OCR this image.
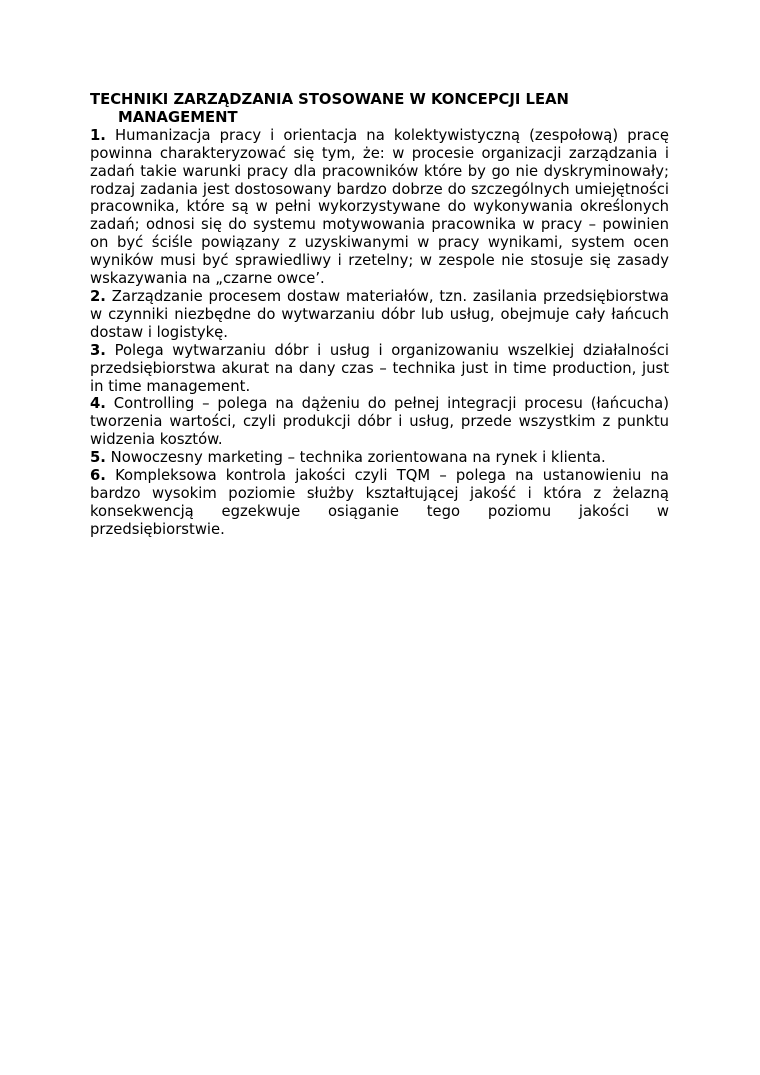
TECHNIKI ZARZĄDZANIA STOSOWANE W KONCEPCJI LEAN MANAGEMENT

1. Humanizacja pracy i orientacja na kolektywistyczną (zespołową) pracę powinna charakteryzować się tym, że: w procesie organizacji zarządzania i zadań takie warunki pracy dla pracowników które by go nie dyskryminowały; rodzaj zadania jest dostosowany bardzo dobrze do szczególnych umiejętności pracownika, które są w pełni wykorzystywane do wykonywania określonych zadań; odnosi się do systemu motywowania pracownika w pracy – powinien on być ściśle powiązany z uzyskiwanymi w pracy wynikami, system ocen wyników musi być sprawiedliwy i rzetelny; w zespole nie stosuje się zasady wskazywania na „czarne owce’.

2. Zarządzanie procesem dostaw materiałów, tzn. zasilania przedsiębiorstwa w czynniki niezbędne do wytwarzaniu dóbr lub usług, obejmuje cały łańcuch dostaw i logistykę.

3. Polega wytwarzaniu dóbr i usług i organizowaniu wszelkiej działalności przedsiębiorstwa akurat na dany czas – technika just in time production, just in time management.

4. Controlling – polega na dążeniu do pełnej integracji procesu (łańcucha) tworzenia wartości, czyli produkcji dóbr i usług, przede wszystkim z punktu widzenia kosztów.

5. Nowoczesny marketing – technika zorientowana na rynek i klienta.

6. Kompleksowa kontrola jakości czyli TQM – polega na ustanowieniu na bardzo wysokim poziomie służby kształtującej jakość i która z żelazną konsekwencją egzekwuje osiąganie tego poziomu jakości w przedsiębiorstwie.
